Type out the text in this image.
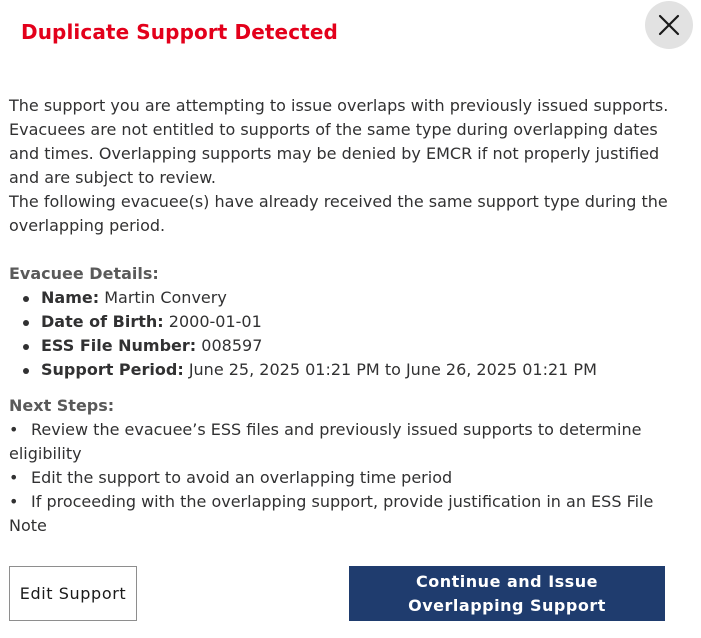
Duplicate Support Detected

The support you are attempting to issue overlaps with previously issued supports. Evacuees are not entitled to supports of the same type during overlapping dates and times. Overlapping supports may be denied by EMCR if not properly justified and are subject to review.

The following evacuee(s) have already received the same support type during the overlapping period.

Evacuee Details:

Name: Martin Convery
Date of Birth: 2000-01-01
ESS File Number: 008597
Support Period: June 25, 2025 01:21 PM to June 26, 2025 01:21 PM

Next Steps:

• Review the evacuee’s ESS files and previously issued supports to determine eligibility

• Edit the support to avoid an overlapping time period

• If proceeding with the overlapping support, provide justification in an ESS File Note

Edit Support
Continue and Issue Overlapping Support
